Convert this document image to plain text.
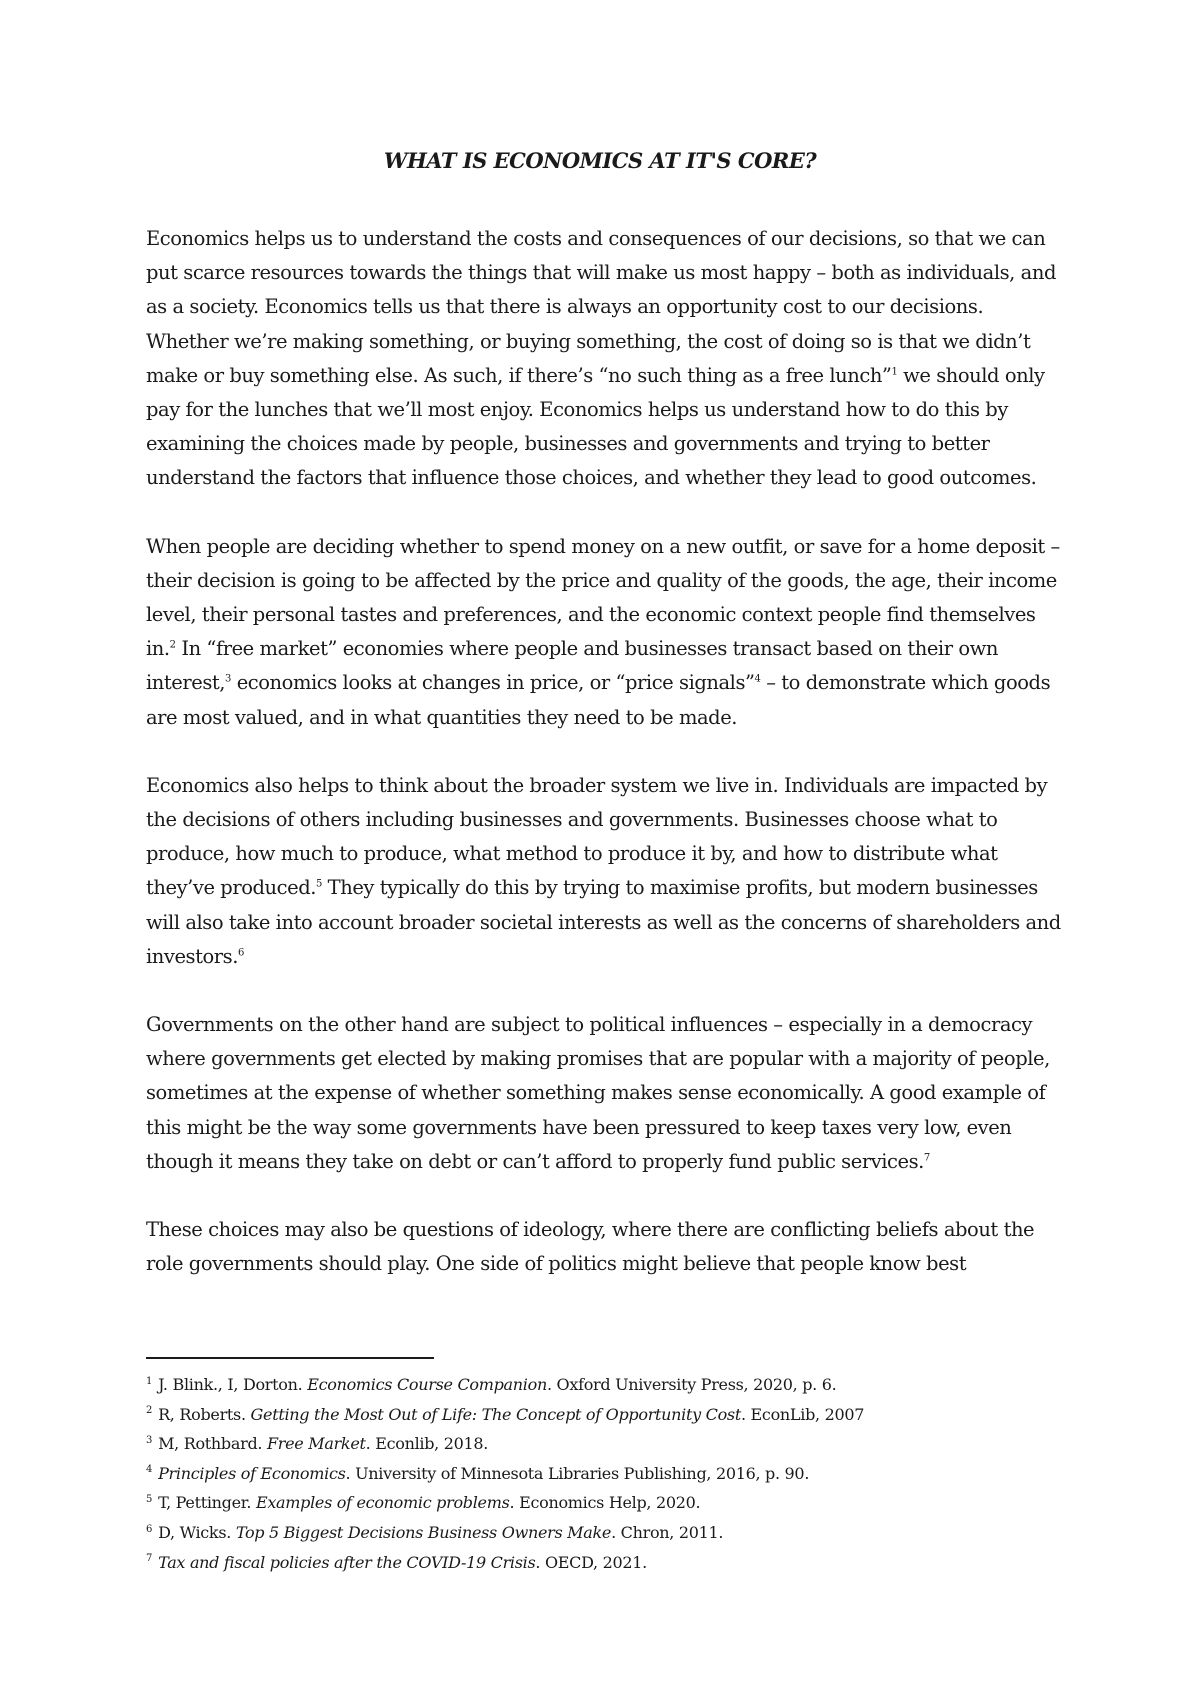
WHAT IS ECONOMICS AT IT'S CORE?

Economics helps us to understand the costs and consequences of our decisions, so that we can put scarce resources towards the things that will make us most happy – both as individuals, and as a society. Economics tells us that there is always an opportunity cost to our decisions. Whether we’re making something, or buying something, the cost of doing so is that we didn’t make or buy something else. As such, if there’s “no such thing as a free lunch”$^1$ we should only pay for the lunches that we’ll most enjoy. Economics helps us understand how to do this by examining the choices made by people, businesses and governments and trying to better understand the factors that influence those choices, and whether they lead to good outcomes.

When people are deciding whether to spend money on a new outfit, or save for a home deposit – their decision is going to be affected by the price and quality of the goods, the age, their income level, their personal tastes and preferences, and the economic context people find themselves in.$^2$ In “free market” economies where people and businesses transact based on their own interest,$^3$ economics looks at changes in price, or “price signals”$^4$ – to demonstrate which goods are most valued, and in what quantities they need to be made.

Economics also helps to think about the broader system we live in. Individuals are impacted by the decisions of others including businesses and governments. Businesses choose what to produce, how much to produce, what method to produce it by, and how to distribute what they’ve produced.$^5$ They typically do this by trying to maximise profits, but modern businesses will also take into account broader societal interests as well as the concerns of shareholders and investors.$^6$

Governments on the other hand are subject to political influences – especially in a democracy where governments get elected by making promises that are popular with a majority of people, sometimes at the expense of whether something makes sense economically. A good example of this might be the way some governments have been pressured to keep taxes very low, even though it means they take on debt or can’t afford to properly fund public services.$^7$

These choices may also be questions of ideology, where there are conflicting beliefs about the role governments should play. One side of politics might believe that people know best

$^1$ J. Blink., I, Dorton. Economics Course Companion. Oxford University Press, 2020, p. 6.
$^2$ R, Roberts. Getting the Most Out of Life: The Concept of Opportunity Cost. EconLib, 2007
$^3$ M, Rothbard. Free Market. Econlib, 2018.
$^4$ Principles of Economics. University of Minnesota Libraries Publishing, 2016, p. 90.
$^5$ T, Pettinger. Examples of economic problems. Economics Help, 2020.
$^6$ D, Wicks. Top 5 Biggest Decisions Business Owners Make. Chron, 2011.
$^7$ Tax and fiscal policies after the COVID-19 Crisis. OECD, 2021.
